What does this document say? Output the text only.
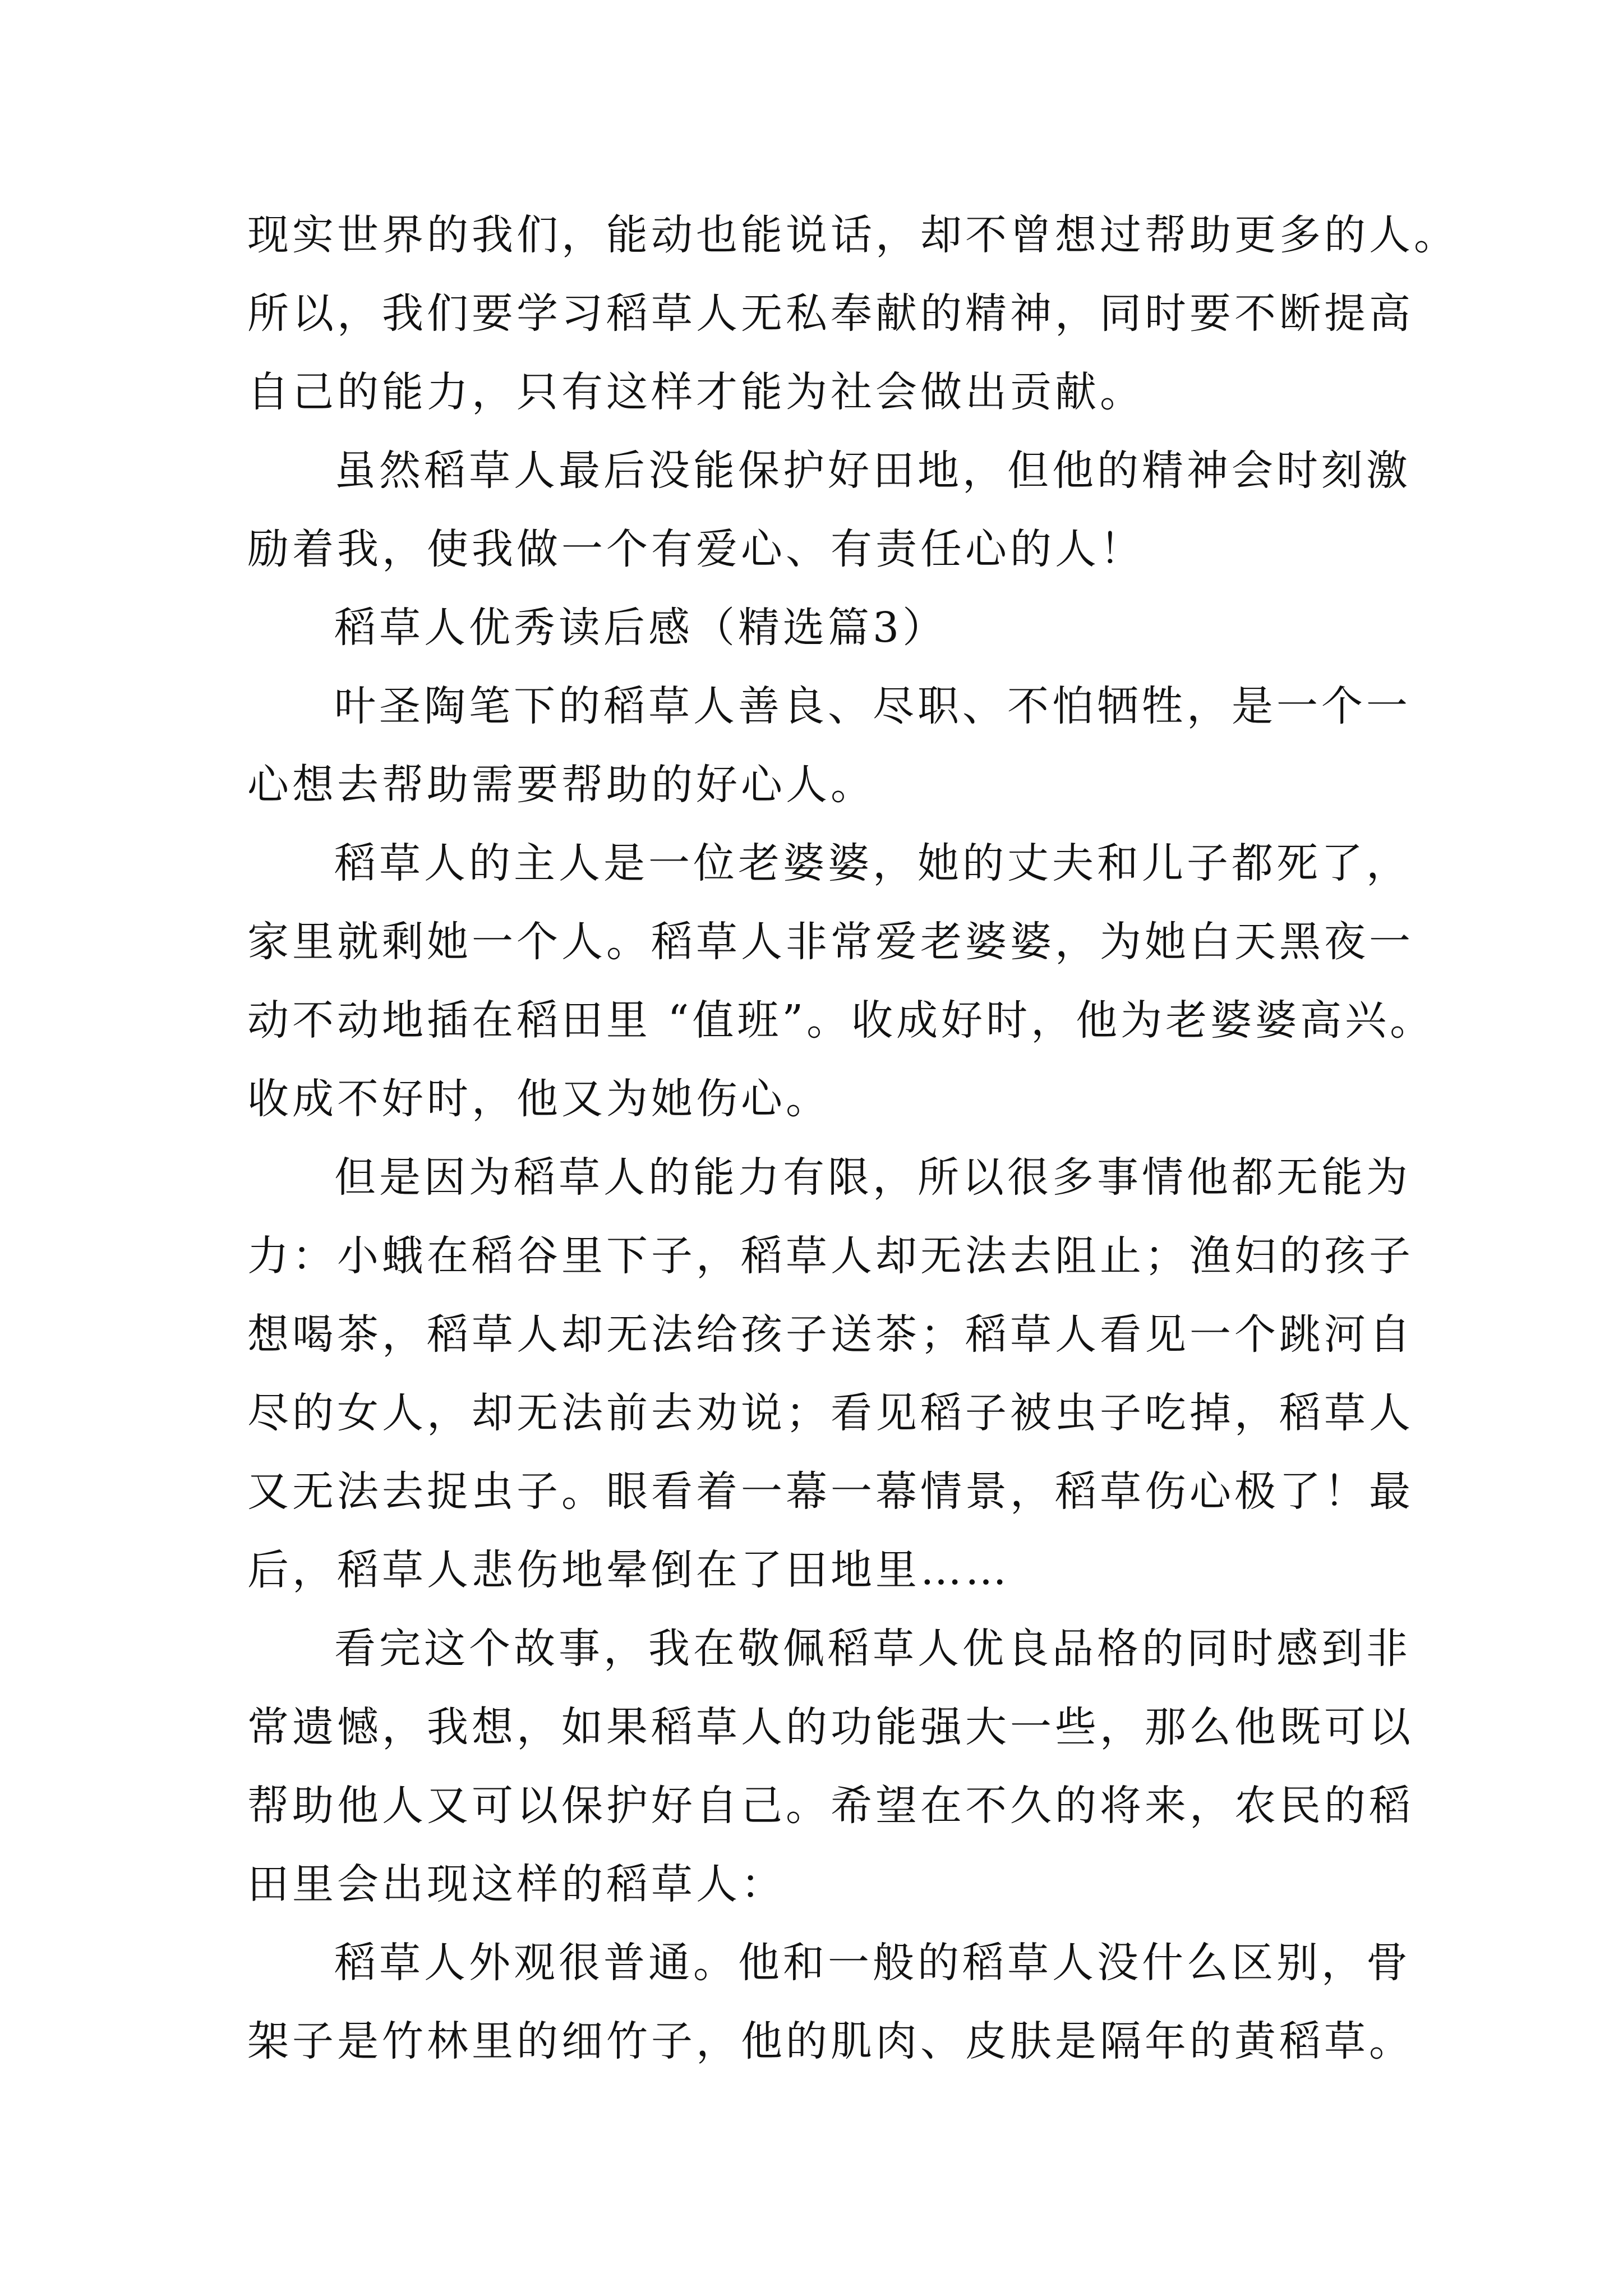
现实世界的我们，能动也能说话，却不曾想过帮助更多的人。

所以，我们要学习稻草人无私奉献的精神，同时要不断提高

自己的能力，只有这样才能为社会做出贡献。

虽然稻草人最后没能保护好田地，但他的精神会时刻激

励着我，使我做一个有爱心、有责任心的人！

稻草人优秀读后感（精选篇3）

叶圣陶笔下的稻草人善良、尽职、不怕牺牲，是一个一

心想去帮助需要帮助的好心人。

稻草人的主人是一位老婆婆，她的丈夫和儿子都死了，

家里就剩她一个人。稻草人非常爱老婆婆，为她白天黑夜一

动不动地插在稻田里 “值班”。收成好时，他为老婆婆高兴。

收成不好时，他又为她伤心。

但是因为稻草人的能力有限，所以很多事情他都无能为

力：小蛾在稻谷里下子，稻草人却无法去阻止；渔妇的孩子

想喝茶，稻草人却无法给孩子送茶；稻草人看见一个跳河自

尽的女人，却无法前去劝说；看见稻子被虫子吃掉，稻草人

又无法去捉虫子。眼看着一幕一幕情景，稻草伤心极了！最

后，稻草人悲伤地晕倒在了田地里……

看完这个故事，我在敬佩稻草人优良品格的同时感到非

常遗憾，我想，如果稻草人的功能强大一些，那么他既可以

帮助他人又可以保护好自己。希望在不久的将来，农民的稻

田里会出现这样的稻草人：

稻草人外观很普通。他和一般的稻草人没什么区别，骨

架子是竹林里的细竹子，他的肌肉、皮肤是隔年的黄稻草。
